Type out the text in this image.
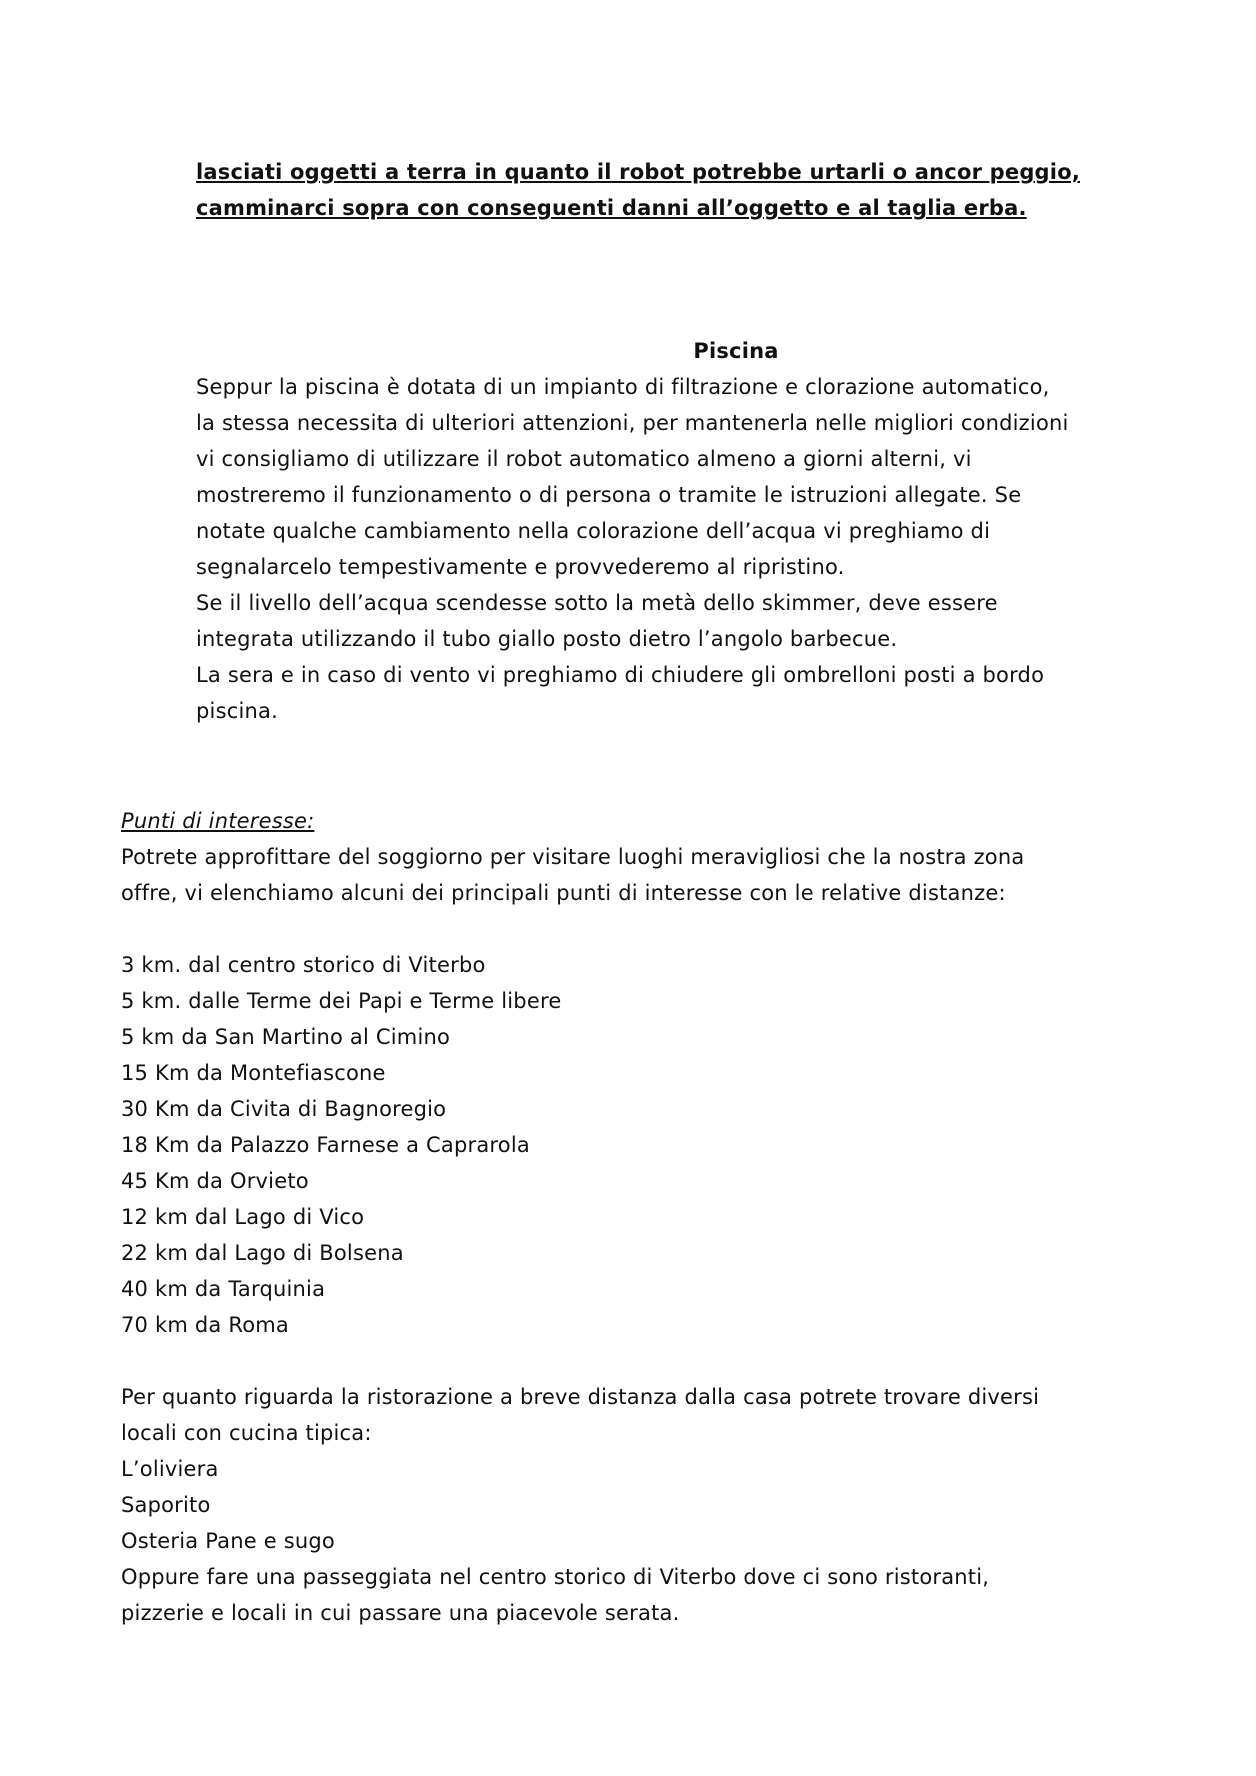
lasciati oggetti a terra in quanto il robot potrebbe urtarli o ancor peggio,
camminarci sopra con conseguenti danni all’oggetto e al taglia erba.
Piscina
Seppur la piscina è dotata di un impianto di filtrazione e clorazione automatico,
la stessa necessita di ulteriori attenzioni, per mantenerla nelle migliori condizioni
vi consigliamo di utilizzare il robot automatico almeno a giorni alterni, vi
mostreremo il funzionamento o di persona o tramite le istruzioni allegate. Se
notate qualche cambiamento nella colorazione dell’acqua vi preghiamo di
segnalarcelo tempestivamente e provvederemo al ripristino.
Se il livello dell’acqua scendesse sotto la metà dello skimmer, deve essere
integrata utilizzando il tubo giallo posto dietro l’angolo barbecue.
La sera e in caso di vento vi preghiamo di chiudere gli ombrelloni posti a bordo
piscina.
Punti di interesse:
Potrete approfittare del soggiorno per visitare luoghi meravigliosi che la nostra zona
offre, vi elenchiamo alcuni dei principali punti di interesse con le relative distanze:
3 km. dal centro storico di Viterbo
5 km. dalle Terme dei Papi e Terme libere
5 km da San Martino al Cimino
15 Km da Montefiascone
30 Km da Civita di Bagnoregio
18 Km da Palazzo Farnese a Caprarola
45 Km da Orvieto
12 km dal Lago di Vico
22 km dal Lago di Bolsena
40 km da Tarquinia
70 km da Roma
Per quanto riguarda la ristorazione a breve distanza dalla casa potrete trovare diversi
locali con cucina tipica:
L’oliviera
Saporito
Osteria Pane e sugo
Oppure fare una passeggiata nel centro storico di Viterbo dove ci sono ristoranti,
pizzerie e locali in cui passare una piacevole serata.
